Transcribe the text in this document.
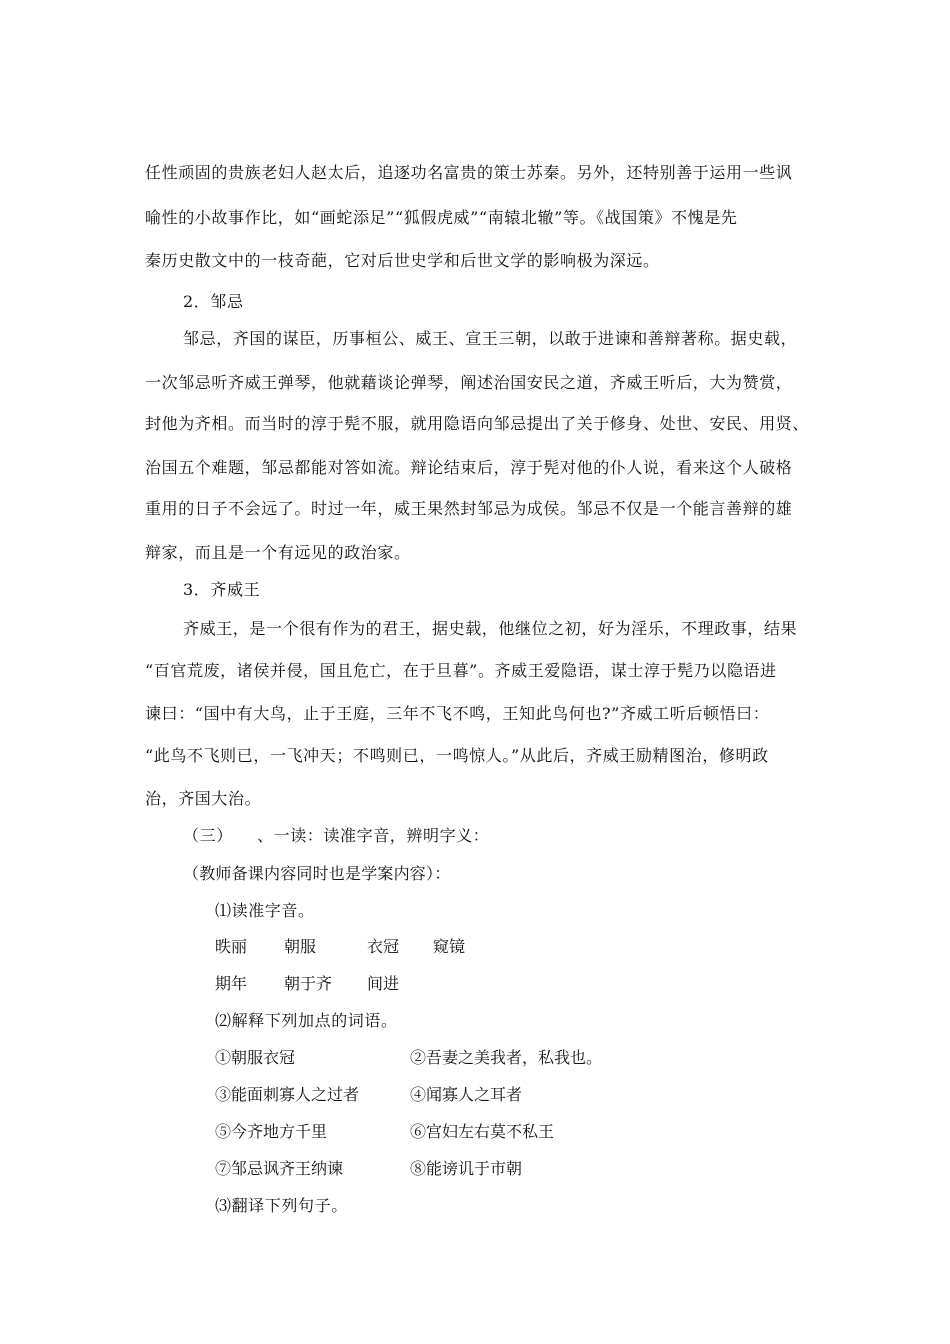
任性顽固的贵族老妇人赵太后，追逐功名富贵的策士苏秦。另外，还特别善于运用一些讽
喻性的小故事作比，如“画蛇添足”“狐假虎威”“南辕北辙”等。《战国策》不愧是先
秦历史散文中的一枝奇葩，它对后世史学和后世文学的影响极为深远。
2．邹忌
邹忌，齐国的谋臣，历事桓公、威王、宣王三朝，以敢于进谏和善辩著称。据史载，
一次邹忌听齐威王弹琴，他就藉谈论弹琴，阐述治国安民之道，齐威王听后，大为赞赏，
封他为齐相。而当时的淳于髡不服，就用隐语向邹忌提出了关于修身、处世、安民、用贤、
治国五个难题，邹忌都能对答如流。辩论结束后，淳于髡对他的仆人说，看来这个人破格
重用的日子不会远了。时过一年，威王果然封邹忌为成侯。邹忌不仅是一个能言善辩的雄
辩家，而且是一个有远见的政治家。
3．齐威王
齐威王，是一个很有作为的君王，据史载，他继位之初，好为淫乐，不理政事，结果
“百官荒废，诸侯并侵，国且危亡，在于旦暮”。齐威王爱隐语，谋士淳于髡乃以隐语进
谏曰：“国中有大鸟，止于王庭，三年不飞不鸣，王知此鸟何也?”齐威工听后顿悟曰：
“此鸟不飞则已，一飞冲天；不鸣则已，一鸣惊人。”从此后，齐威王励精图治，修明政
治，齐国大治。
（三） 、一读：读准字音，辨明字义：
（教师备课内容同时也是学案内容）：
⑴读准字音。
昳丽 朝服	衣冠 窥镜
期年 朝于齐 间进
⑵解释下列加点的词语。
①朝服衣冠	②吾妻之美我者，私我也。
③能面刺寡人之过者	④闻寡人之耳者
⑤今齐地方千里	⑥宫妇左右莫不私王
⑦邹忌讽齐王纳谏	⑧能谤讥于市朝
⑶翻译下列句子。
